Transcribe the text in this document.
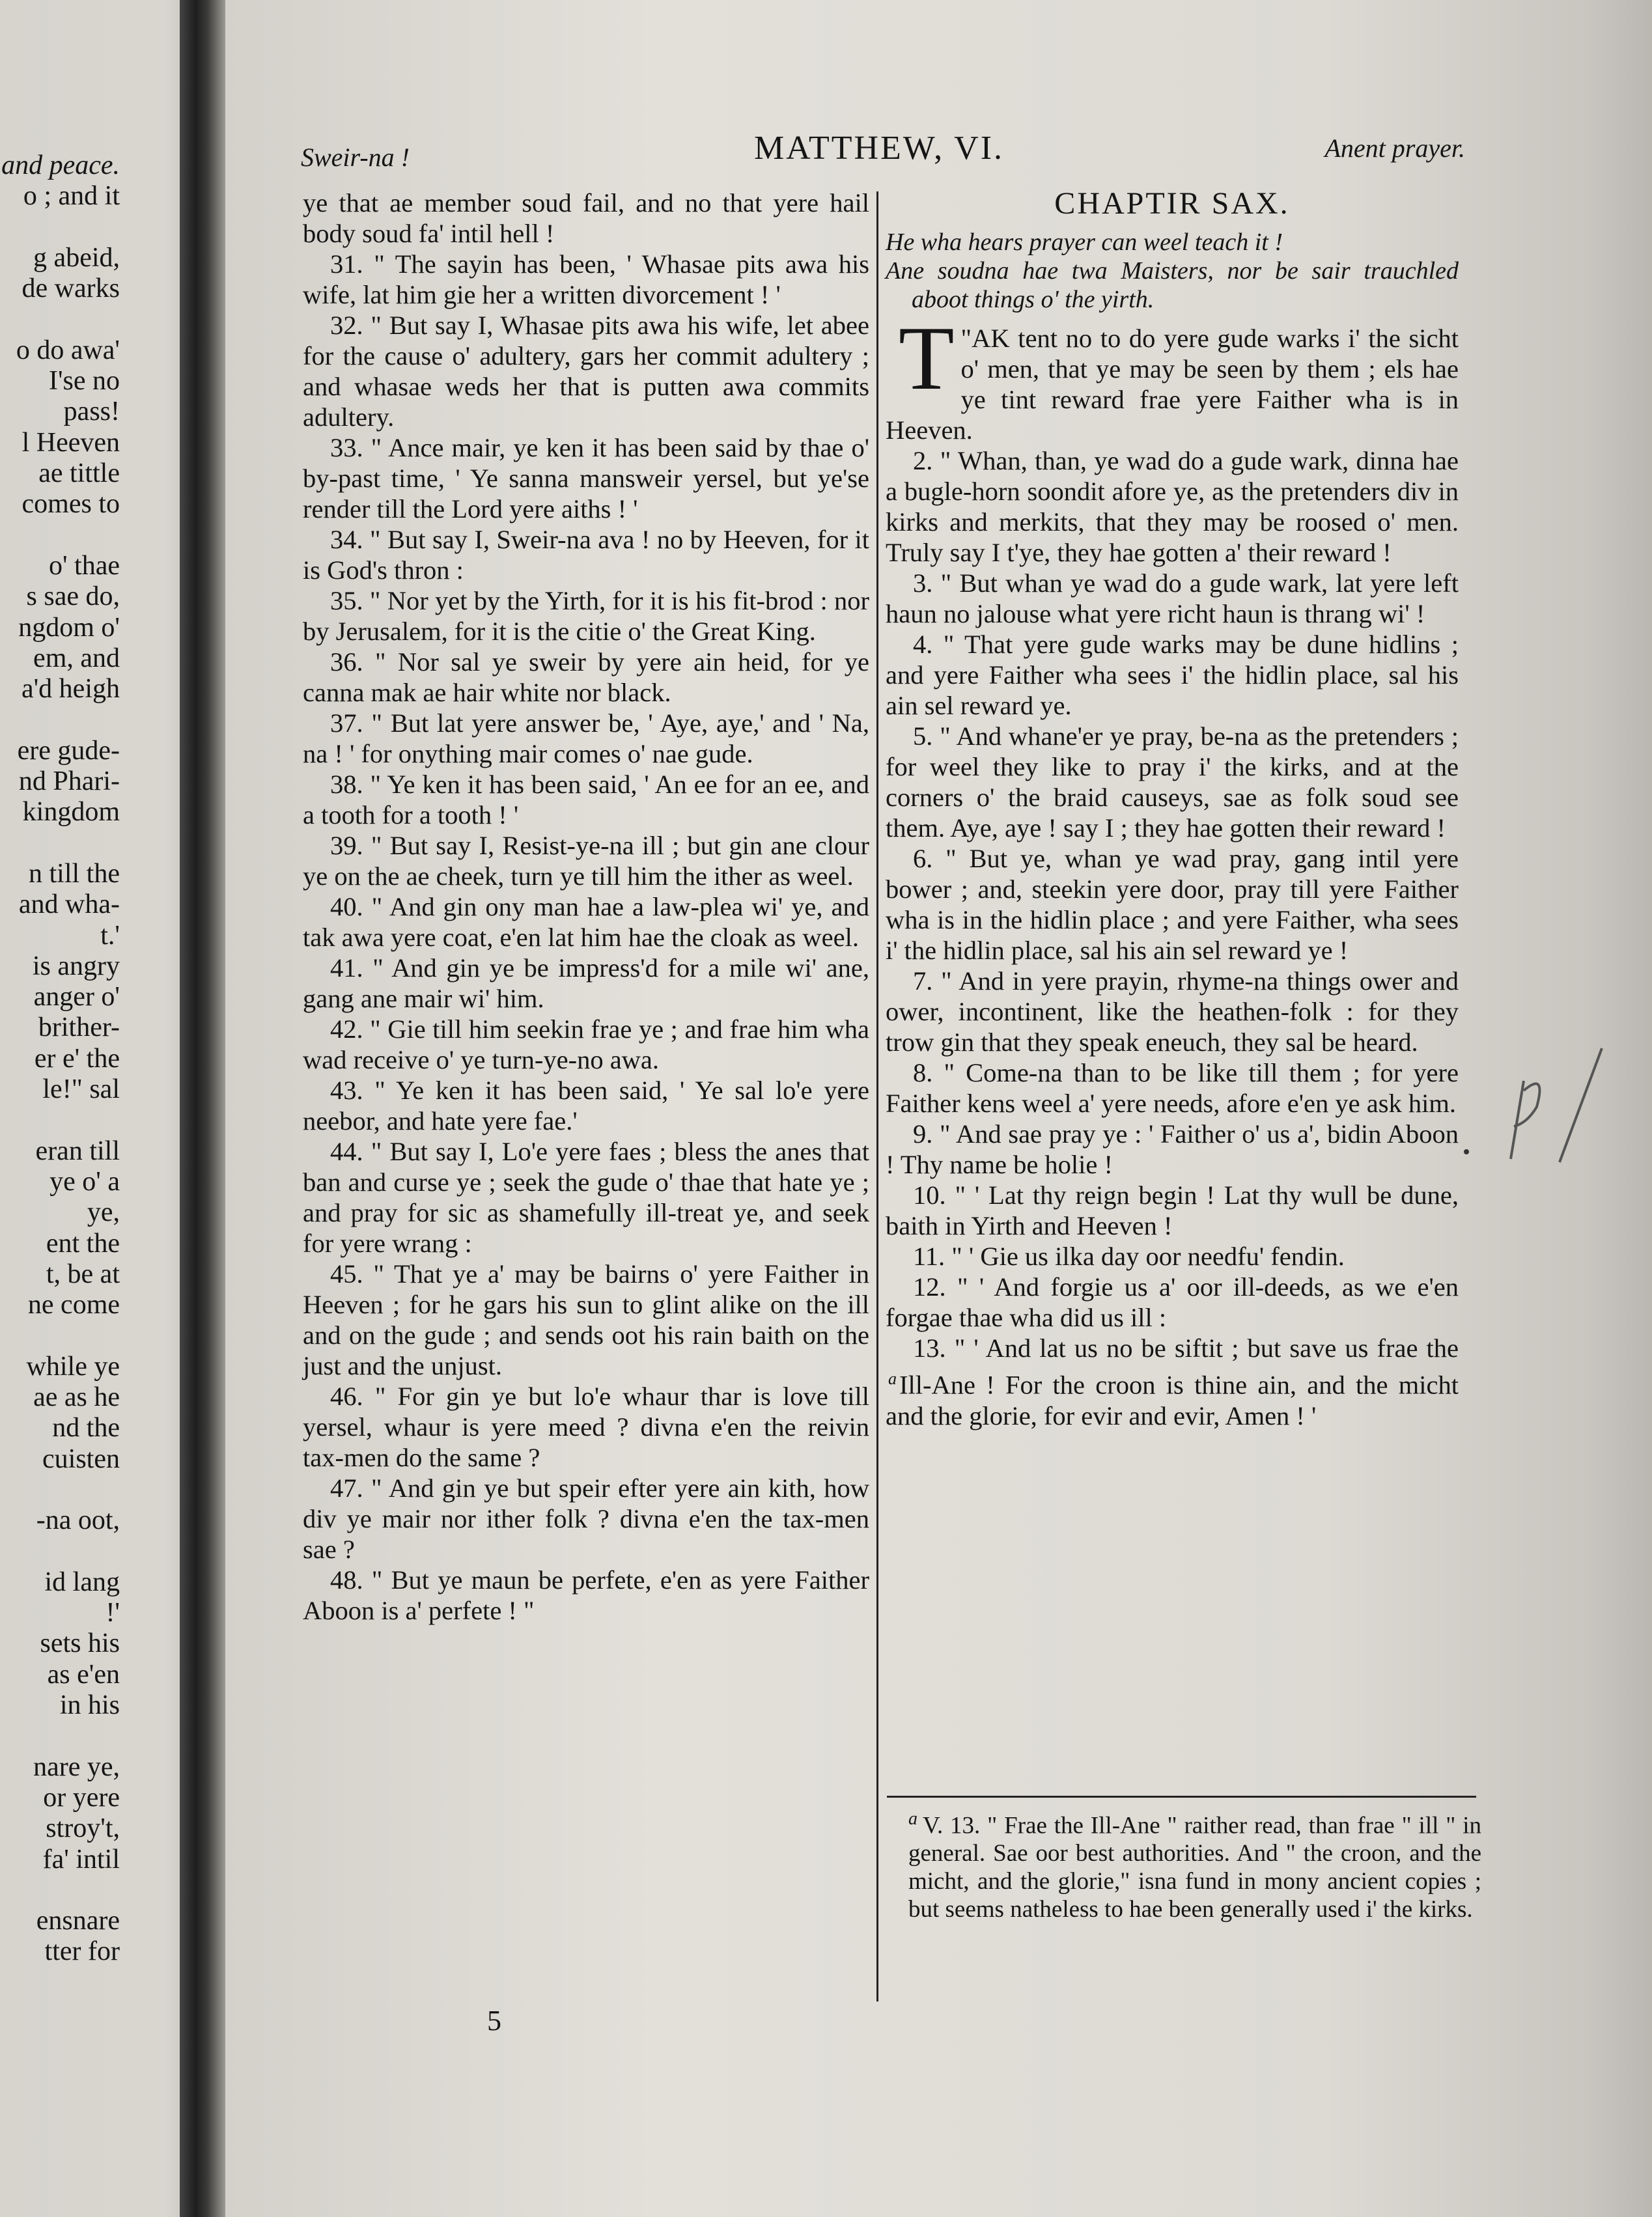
and peace.
o ; and it
g abeid,
de warks
o do awa'
I'se no
pass!
l Heeven
ae tittle
comes to
o' thae
s sae do,
ngdom o'
em, and
a'd heigh
ere gude-
nd Phari-
kingdom
n till the
and wha-
t.'
is angry
anger o'
brither-
er e' the
le!" sal
eran till
ye o' a
ye,
ent the
t, be at
ne come
while ye
ae as he
nd the
cuisten
-na oot,
id lang
!'
sets his
as e'en
in his
nare ye,
or yere
stroy't,
fa' intil
ensnare
tter for
Sweir-na !	MATTHEW, VI.	Anent prayer.

ye that ae member soud fail, and no that yere hail body soud fa' intil hell !

31. " The sayin has been, ' Whasae pits awa his wife, lat him gie her a written divorcement ! '

32. " But say I, Whasae pits awa his wife, let abee for the cause o' adultery, gars her commit adultery ; and whasae weds her that is putten awa commits adultery.

33. " Ance mair, ye ken it has been said by thae o' by-past time, ' Ye sanna mansweir yersel, but ye'se render till the Lord yere aiths ! '

34. " But say I, Sweir-na ava ! no by Heeven, for it is God's thron :

35. " Nor yet by the Yirth, for it is his fit-brod : nor by Jerusalem, for it is the citie o' the Great King.

36. " Nor sal ye sweir by yere ain heid, for ye canna mak ae hair white nor black.

37. " But lat yere answer be, ' Aye, aye,' and ' Na, na ! ' for onything mair comes o' nae gude.

38. " Ye ken it has been said, ' An ee for an ee, and a tooth for a tooth ! '

39. " But say I, Resist-ye-na ill ; but gin ane clour ye on the ae cheek, turn ye till him the ither as weel.

40. " And gin ony man hae a law-plea wi' ye, and tak awa yere coat, e'en lat him hae the cloak as weel.

41. " And gin ye be impress'd for a mile wi' ane, gang ane mair wi' him.

42. " Gie till him seekin frae ye ; and frae him wha wad receive o' ye turn-ye-no awa.

43. " Ye ken it has been said, ' Ye sal lo'e yere neebor, and hate yere fae.'

44. " But say I, Lo'e yere faes ; bless the anes that ban and curse ye ; seek the gude o' thae that hate ye ; and pray for sic as shamefully ill-treat ye, and seek for yere wrang :

45. " That ye a' may be bairns o' yere Faither in Heeven ; for he gars his sun to glint alike on the ill and on the gude ; and sends oot his rain baith on the just and the unjust.

46. " For gin ye but lo'e whaur thar is love till yersel, whaur is yere meed ? divna e'en the reivin tax-men do the same ?

47. " And gin ye but speir efter yere ain kith, how div ye mair nor ither folk ? divna e'en the tax-men sae ?

48. " But ye maun be perfete, e'en as yere Faither Aboon is a' perfete ! "

CHAPTIR SAX.
He wha hears prayer can weel teach it !
Ane soudna hae twa Maisters, nor be sair trauchled aboot things o' the yirth.

"
T AK tent no to do yere gude warks i' the sicht o' men, that ye may be seen by them ; els hae ye tint reward frae yere Faither wha is in Heeven.

2. " Whan, than, ye wad do a gude wark, dinna hae a bugle-horn soondit afore ye, as the pretenders div in kirks and merkits, that they may be roosed o' men. Truly say I t'ye, they hae gotten a' their reward !

3. " But whan ye wad do a gude wark, lat yere left haun no jalouse what yere richt haun is thrang wi' !

4. " That yere gude warks may be dune hidlins ; and yere Faither wha sees i' the hidlin place, sal his ain sel reward ye.

5. " And whane'er ye pray, be-na as the pretenders ; for weel they like to pray i' the kirks, and at the corners o' the braid causeys, sae as folk soud see them. Aye, aye ! say I ; they hae gotten their reward !

6. " But ye, whan ye wad pray, gang intil yere bower ; and, steekin yere door, pray till yere Faither wha is in the hidlin place ; and yere Faither, wha sees i' the hidlin place, sal his ain sel reward ye !

7. " And in yere prayin, rhyme-na things ower and ower, incontinent, like the heathen-folk : for they trow gin that they speak eneuch, they sal be heard.

8. " Come-na than to be like till them ; for yere Faither kens weel a' yere needs, afore e'en ye ask him.

9. " And sae pray ye : ' Faither o' us a', bidin Aboon ! Thy name be holie !

10. " ' Lat thy reign begin ! Lat thy wull be dune, baith in Yirth and Heeven !

11. " ' Gie us ilka day oor needfu' fendin.

12. " ' And forgie us a' oor ill-deeds, as we e'en forgae thae wha did us ill :

13. " ' And lat us no be siftit ; but save us frae the $^a$Ill-Ane ! For the croon is thine ain, and the micht and the glorie, for evir and evir, Amen ! '

$^a$ V. 13. " Frae the Ill-Ane " raither read, than frae " ill " in general. Sae oor best authorities. And " the croon, and the micht, and the glorie," isna fund in mony ancient copies ; but seems natheless to hae been generally used i' the kirks.
5
